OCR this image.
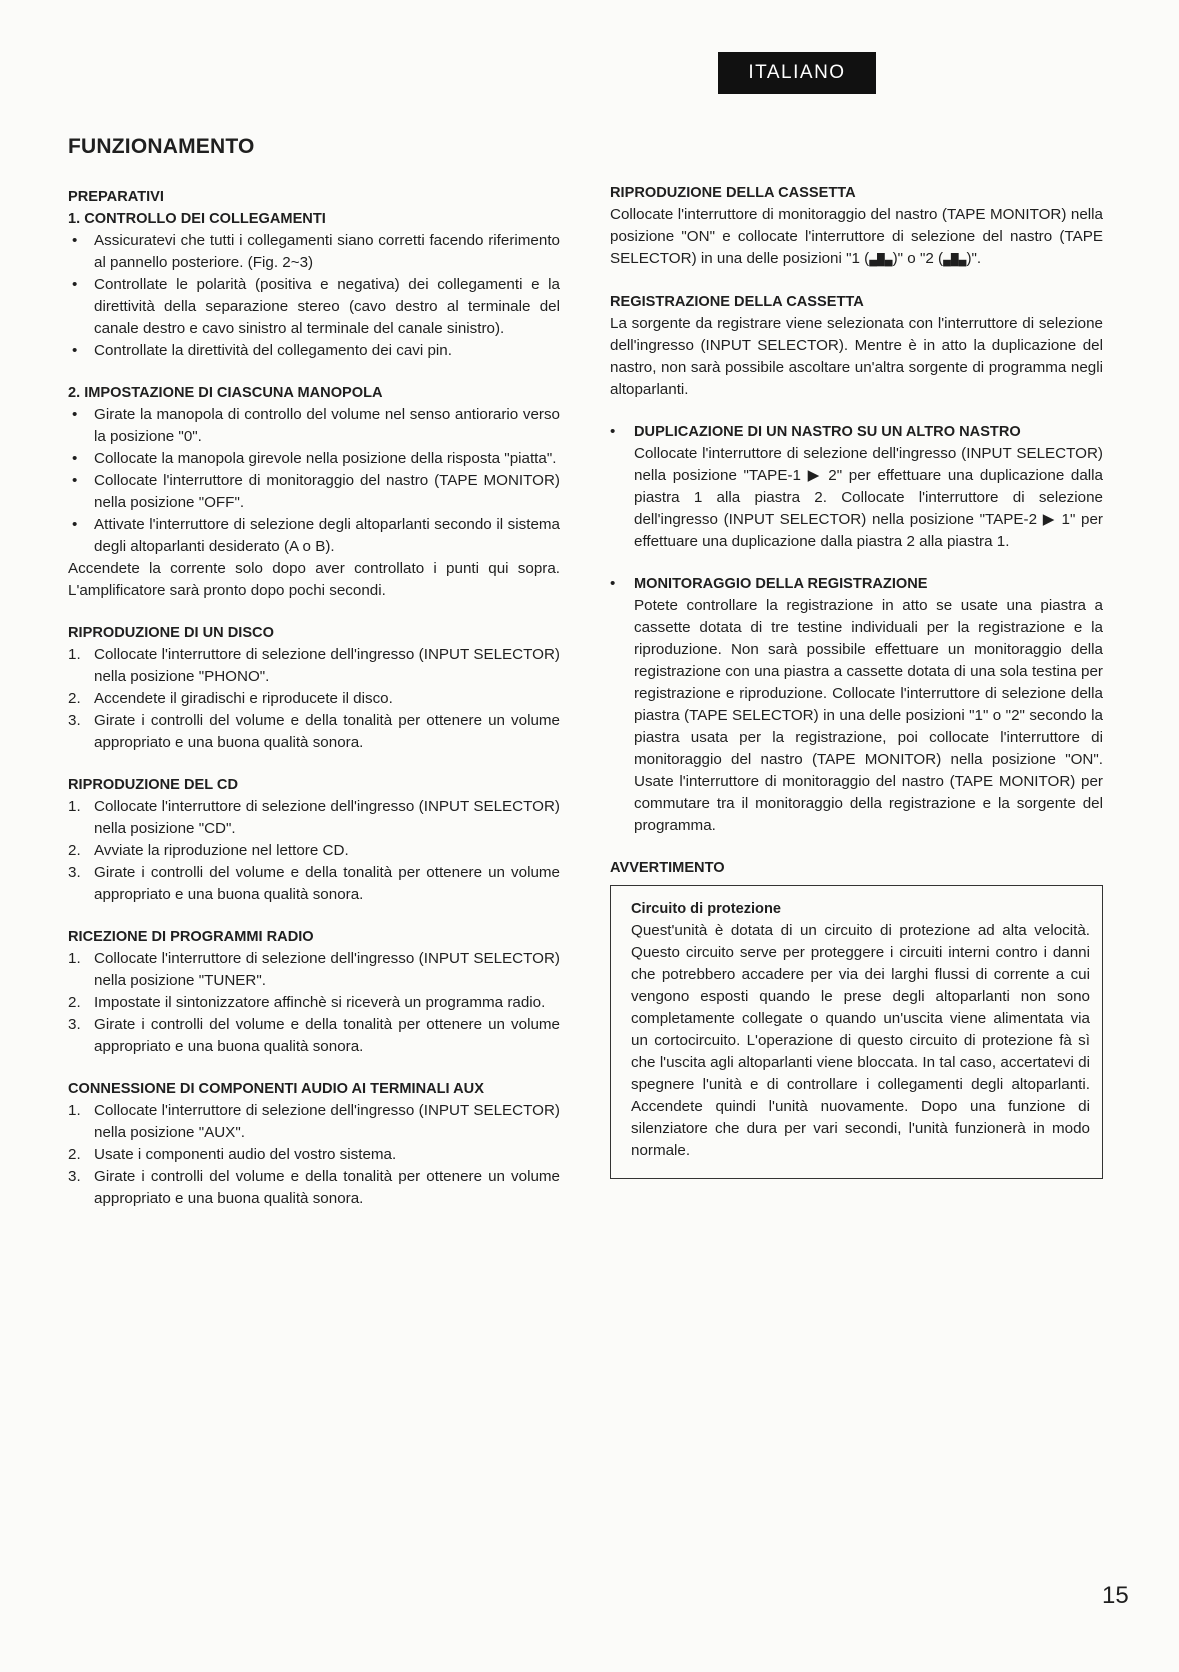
ITALIANO
FUNZIONAMENTO
PREPARATIVI
1. CONTROLLO DEI COLLEGAMENTI
• Assicuratevi che tutti i collegamenti siano corretti facendo riferimento al pannello posteriore. (Fig. 2~3)
• Controllate le polarità (positiva e negativa) dei collegamenti e la direttività della separazione stereo (cavo destro al terminale del canale destro e cavo sinistro al terminale del canale sinistro).
• Controllate la direttività del collegamento dei cavi pin.
2. IMPOSTAZIONE DI CIASCUNA MANOPOLA
• Girate la manopola di controllo del volume nel senso antiorario verso la posizione "0".
• Collocate la manopola girevole nella posizione della risposta "piatta".
• Collocate l'interruttore di monitoraggio del nastro (TAPE MONITOR) nella posizione "OFF".
• Attivate l'interruttore di selezione degli altoparlanti secondo il sistema degli altoparlanti desiderato (A o B).

Accendete la corrente solo dopo aver controllato i punti qui sopra. L'amplificatore sarà pronto dopo pochi secondi.

RIPRODUZIONE DI UN DISCO
1. Collocate l'interruttore di selezione dell'ingresso (INPUT SELECTOR) nella posizione "PHONO".
2. Accendete il giradischi e riproducete il disco.
3. Girate i controlli del volume e della tonalità per ottenere un volume appropriato e una buona qualità sonora.
RIPRODUZIONE DEL CD
1. Collocate l'interruttore di selezione dell'ingresso (INPUT SELECTOR) nella posizione "CD".
2. Avviate la riproduzione nel lettore CD.
3. Girate i controlli del volume e della tonalità per ottenere un volume appropriato e una buona qualità sonora.
RICEZIONE DI PROGRAMMI RADIO
1. Collocate l'interruttore di selezione dell'ingresso (INPUT SELECTOR) nella posizione "TUNER".
2. Impostate il sintonizzatore affinchè si riceverà un programma radio.
3. Girate i controlli del volume e della tonalità per ottenere un volume appropriato e una buona qualità sonora.
CONNESSIONE DI COMPONENTI AUDIO AI TERMINALI AUX
1. Collocate l'interruttore di selezione dell'ingresso (INPUT SELECTOR) nella posizione "AUX".
2. Usate i componenti audio del vostro sistema.
3. Girate i controlli del volume e della tonalità per ottenere un volume appropriato e una buona qualità sonora.
RIPRODUZIONE DELLA CASSETTA

Collocate l'interruttore di monitoraggio del nastro (TAPE MONITOR) nella posizione "ON" e collocate l'interruttore di selezione del nastro (TAPE SELECTOR) in una delle posizioni "1 (▄█▄)" o "2 (▄█▄)".

REGISTRAZIONE DELLA CASSETTA

La sorgente da registrare viene selezionata con l'interruttore di selezione dell'ingresso (INPUT SELECTOR). Mentre è in atto la duplicazione del nastro, non sarà possibile ascoltare un'altra sorgente di programma negli altoparlanti.

• DUPLICAZIONE DI UN NASTRO SU UN ALTRO NASTRO

Collocate l'interruttore di selezione dell'ingresso (INPUT SELECTOR) nella posizione "TAPE-1 ▶ 2" per effettuare una duplicazione dalla piastra 1 alla piastra 2. Collocate l'interruttore di selezione dell'ingresso (INPUT SELECTOR) nella posizione "TAPE-2 ▶ 1" per effettuare una duplicazione dalla piastra 2 alla piastra 1.

• MONITORAGGIO DELLA REGISTRAZIONE

Potete controllare la registrazione in atto se usate una piastra a cassette dotata di tre testine individuali per la registrazione e la riproduzione. Non sarà possibile effettuare un monitoraggio della registrazione con una piastra a cassette dotata di una sola testina per registrazione e riproduzione. Collocate l'interruttore di selezione della piastra (TAPE SELECTOR) in una delle posizioni "1" o "2" secondo la piastra usata per la registrazione, poi collocate l'interruttore di monitoraggio del nastro (TAPE MONITOR) nella posizione "ON". Usate l'interruttore di monitoraggio del nastro (TAPE MONITOR) per commutare tra il monitoraggio della registrazione e la sorgente del programma.

AVVERTIMENTO
Circuito di protezione

Quest'unità è dotata di un circuito di protezione ad alta velocità. Questo circuito serve per proteggere i circuiti interni contro i danni che potrebbero accadere per via dei larghi flussi di corrente a cui vengono esposti quando le prese degli altoparlanti non sono completamente collegate o quando un'uscita viene alimentata via un cortocircuito. L'operazione di questo circuito di protezione fà sì che l'uscita agli altoparlanti viene bloccata. In tal caso, accertatevi di spegnere l'unità e di controllare i collegamenti degli altoparlanti. Accendete quindi l'unità nuovamente. Dopo una funzione di silenziatore che dura per vari secondi, l'unità funzionerà in modo normale.

15
